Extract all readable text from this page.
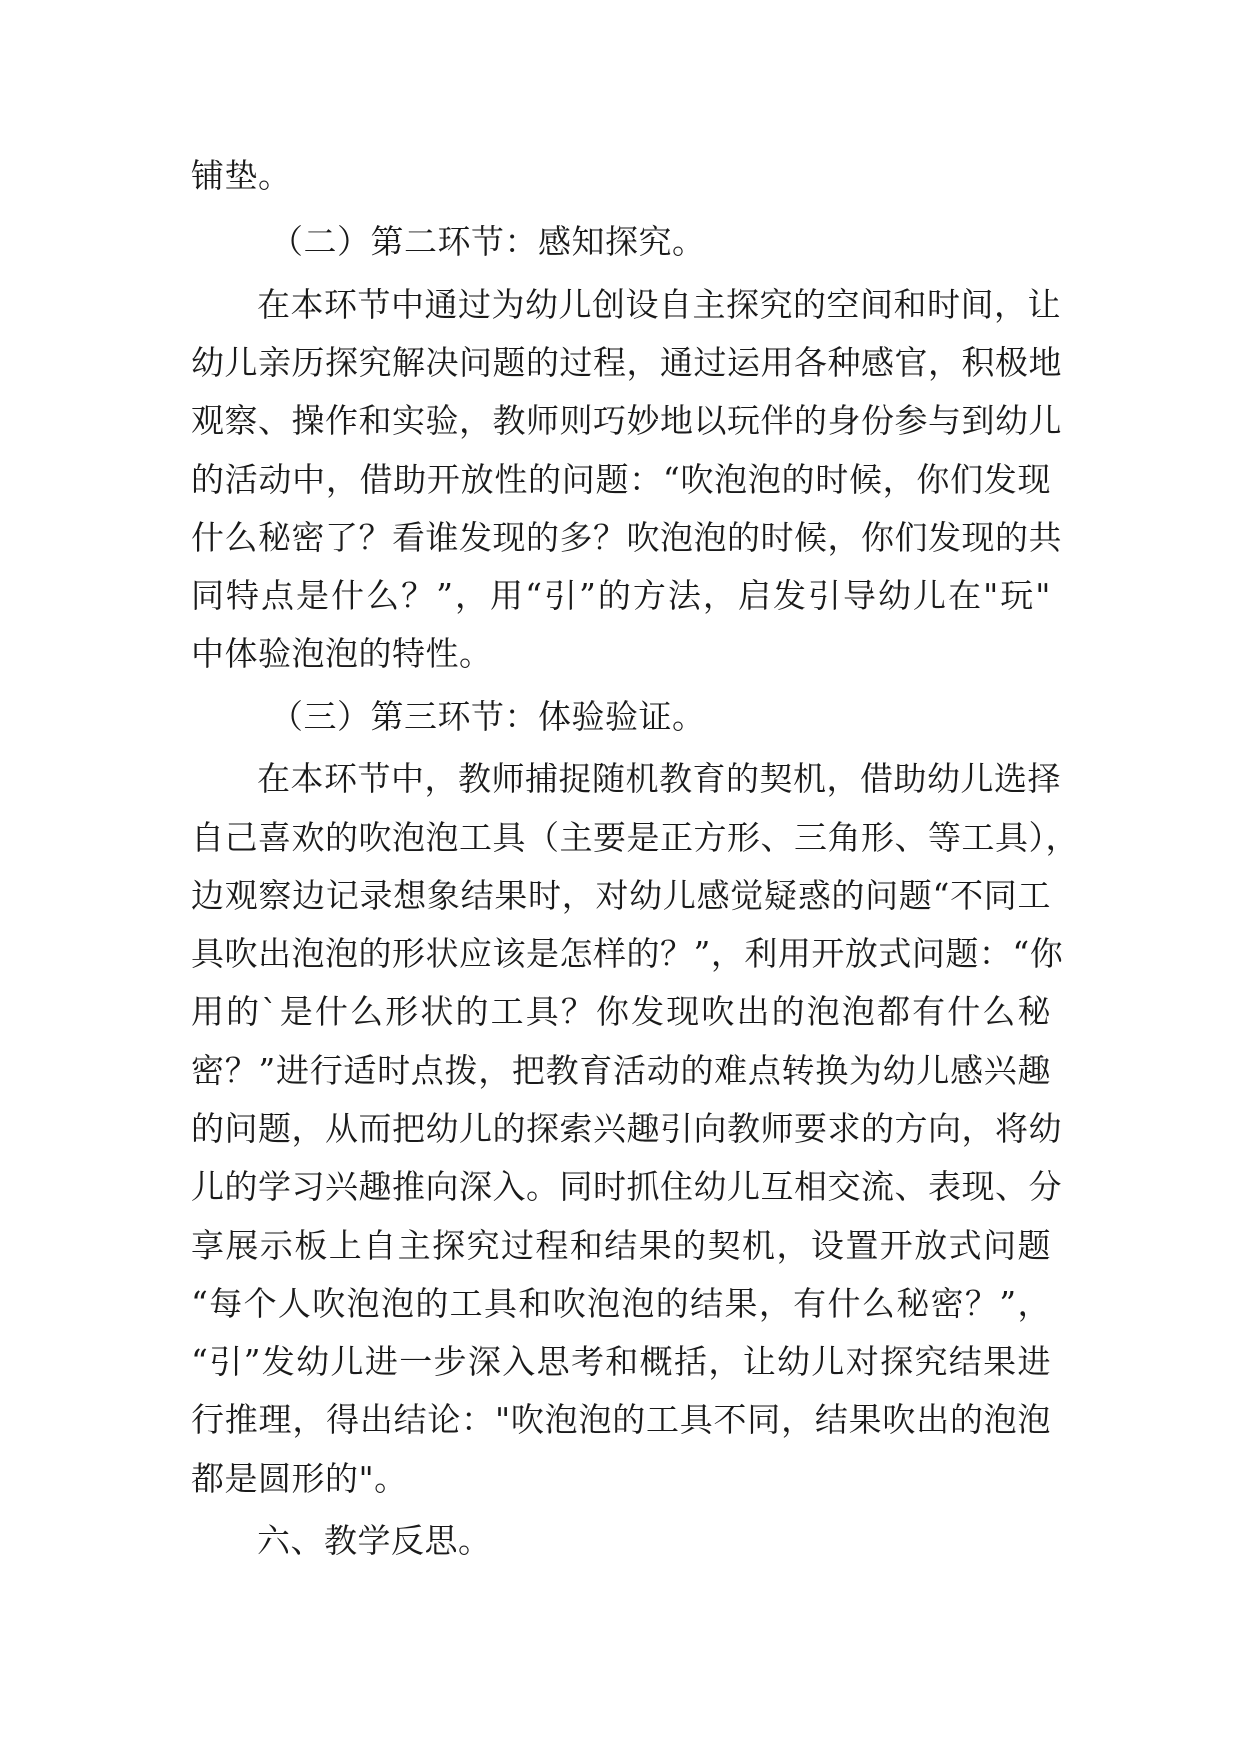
铺垫。
（二）第二环节：感知探究。
在本环节中通过为幼儿创设自主探究的空间和时间，让
幼儿亲历探究解决问题的过程，通过运用各种感官，积极地
观察、操作和实验，教师则巧妙地以玩伴的身份参与到幼儿
的活动中，借助开放性的问题：“吹泡泡的时候，你们发现
什么秘密了？看谁发现的多？吹泡泡的时候，你们发现的共
同特点是什么？”，用“引”的方法，启发引导幼儿在"玩"
中体验泡泡的特性。
（三）第三环节：体验验证。
在本环节中，教师捕捉随机教育的契机，借助幼儿选择
自己喜欢的吹泡泡工具（主要是正方形、三角形、等工具），
边观察边记录想象结果时，对幼儿感觉疑惑的问题“不同工
具吹出泡泡的形状应该是怎样的？”，利用开放式问题：“你
用的`是什么形状的工具？你发现吹出的泡泡都有什么秘
密？”进行适时点拨，把教育活动的难点转换为幼儿感兴趣
的问题，从而把幼儿的探索兴趣引向教师要求的方向，将幼
儿的学习兴趣推向深入。同时抓住幼儿互相交流、表现、分
享展示板上自主探究过程和结果的契机，设置开放式问题
“每个人吹泡泡的工具和吹泡泡的结果，有什么秘密？”，
“引”发幼儿进一步深入思考和概括，让幼儿对探究结果进
行推理，得出结论："吹泡泡的工具不同，结果吹出的泡泡
都是圆形的"。
六、教学反思。
